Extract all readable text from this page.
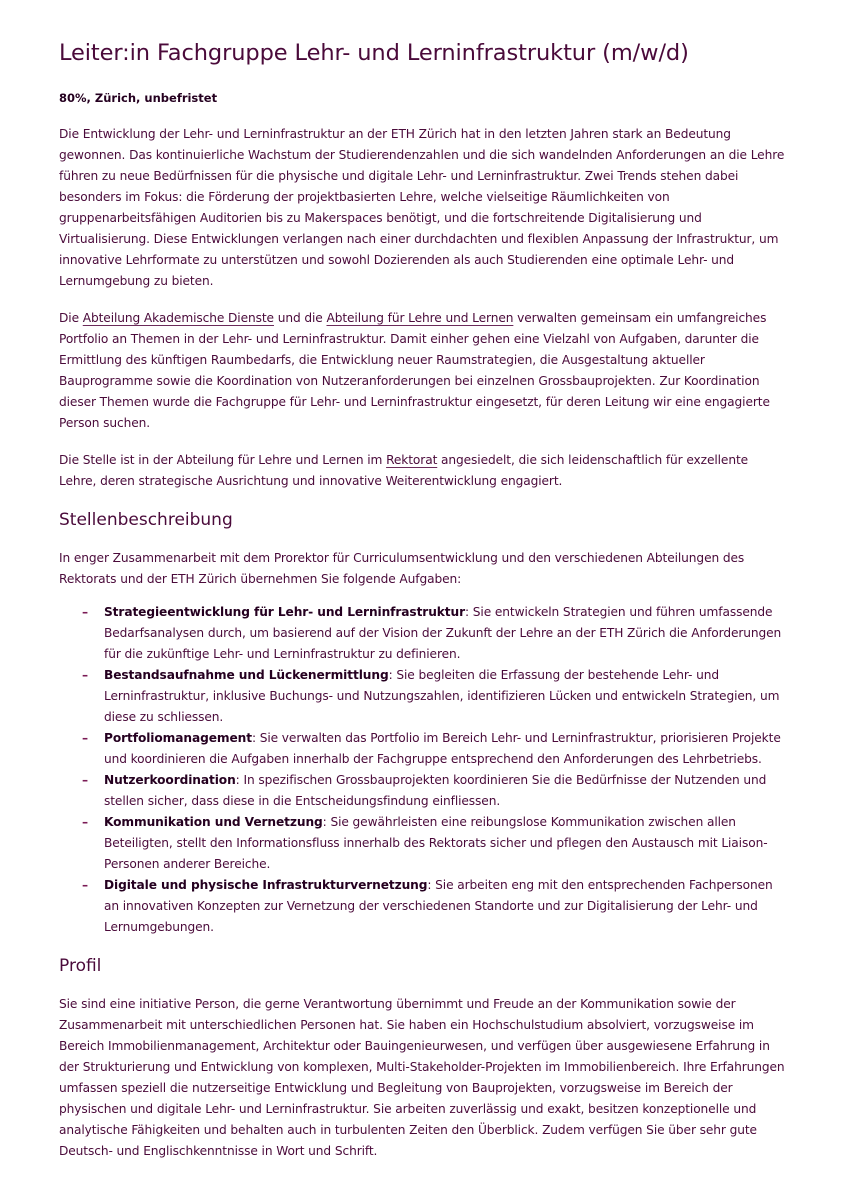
Leiter:in Fachgruppe Lehr- und Lerninfrastruktur (m/w/d)
80%, Zürich, unbefristet

Die Entwicklung der Lehr- und Lerninfrastruktur an der ETH Zürich hat in den letzten Jahren stark an Bedeutung gewonnen. Das kontinuierliche Wachstum der Studierendenzahlen und die sich wandelnden Anforderungen an die Lehre führen zu neue Bedürfnissen für die physische und digitale Lehr- und Lerninfrastruktur. Zwei Trends stehen dabei besonders im Fokus: die Förderung der projektbasierten Lehre, welche vielseitige Räumlichkeiten von gruppenarbeitsfähigen Auditorien bis zu Makerspaces benötigt, und die fortschreitende Digitalisierung und Virtualisierung. Diese Entwicklungen verlangen nach einer durchdachten und flexiblen Anpassung der Infrastruktur, um innovative Lehrformate zu unterstützen und sowohl Dozierenden als auch Studierenden eine optimale Lehr- und Lernumgebung zu bieten.

Die Abteilung Akademische Dienste und die Abteilung für Lehre und Lernen verwalten gemeinsam ein umfangreiches Portfolio an Themen in der Lehr- und Lerninfrastruktur. Damit einher gehen eine Vielzahl von Aufgaben, darunter die Ermittlung des künftigen Raumbedarfs, die Entwicklung neuer Raumstrategien, die Ausgestaltung aktueller Bauprogramme sowie die Koordination von Nutzeranforderungen bei einzelnen Grossbauprojekten. Zur Koordination dieser Themen wurde die Fachgruppe für Lehr- und Lerninfrastruktur eingesetzt, für deren Leitung wir eine engagierte Person suchen.

Die Stelle ist in der Abteilung für Lehre und Lernen im Rektorat angesiedelt, die sich leidenschaftlich für exzellente Lehre, deren strategische Ausrichtung und innovative Weiterentwicklung engagiert.

Stellenbeschreibung

In enger Zusammenarbeit mit dem Prorektor für Curriculumsentwicklung und den verschiedenen Abteilungen des Rektorats und der ETH Zürich übernehmen Sie folgende Aufgaben:

– Strategieentwicklung für Lehr- und Lerninfrastruktur: Sie entwickeln Strategien und führen umfassende Bedarfsanalysen durch, um basierend auf der Vision der Zukunft der Lehre an der ETH Zürich die Anforderungen für die zukünftige Lehr- und Lerninfrastruktur zu definieren.
– Bestandsaufnahme und Lückenermittlung: Sie begleiten die Erfassung der bestehende Lehr- und Lerninfrastruktur, inklusive Buchungs- und Nutzungszahlen, identifizieren Lücken und entwickeln Strategien, um diese zu schliessen.
– Portfoliomanagement: Sie verwalten das Portfolio im Bereich Lehr- und Lerninfrastruktur, priorisieren Projekte und koordinieren die Aufgaben innerhalb der Fachgruppe entsprechend den Anforderungen des Lehrbetriebs.
– Nutzerkoordination: In spezifischen Grossbauprojekten koordinieren Sie die Bedürfnisse der Nutzenden und stellen sicher, dass diese in die Entscheidungsfindung einfliessen.
– Kommunikation und Vernetzung: Sie gewährleisten eine reibungslose Kommunikation zwischen allen Beteiligten, stellt den Informationsfluss innerhalb des Rektorats sicher und pflegen den Austausch mit Liaison-Personen anderer Bereiche.
– Digitale und physische Infrastrukturvernetzung: Sie arbeiten eng mit den entsprechenden Fachpersonen an innovativen Konzepten zur Vernetzung der verschiedenen Standorte und zur Digitalisierung der Lehr- und Lernumgebungen.
Profil

Sie sind eine initiative Person, die gerne Verantwortung übernimmt und Freude an der Kommunikation sowie der Zusammenarbeit mit unterschiedlichen Personen hat. Sie haben ein Hochschulstudium absolviert, vorzugsweise im Bereich Immobilienmanagement, Architektur oder Bauingenieurwesen, und verfügen über ausgewiesene Erfahrung in der Strukturierung und Entwicklung von komplexen, Multi-Stakeholder-Projekten im Immobilienbereich. Ihre Erfahrungen umfassen speziell die nutzerseitige Entwicklung und Begleitung von Bauprojekten, vorzugsweise im Bereich der physischen und digitale Lehr- und Lerninfrastruktur. Sie arbeiten zuverlässig und exakt, besitzen konzeptionelle und analytische Fähigkeiten und behalten auch in turbulenten Zeiten den Überblick. Zudem verfügen Sie über sehr gute Deutsch- und Englischkenntnisse in Wort und Schrift.
